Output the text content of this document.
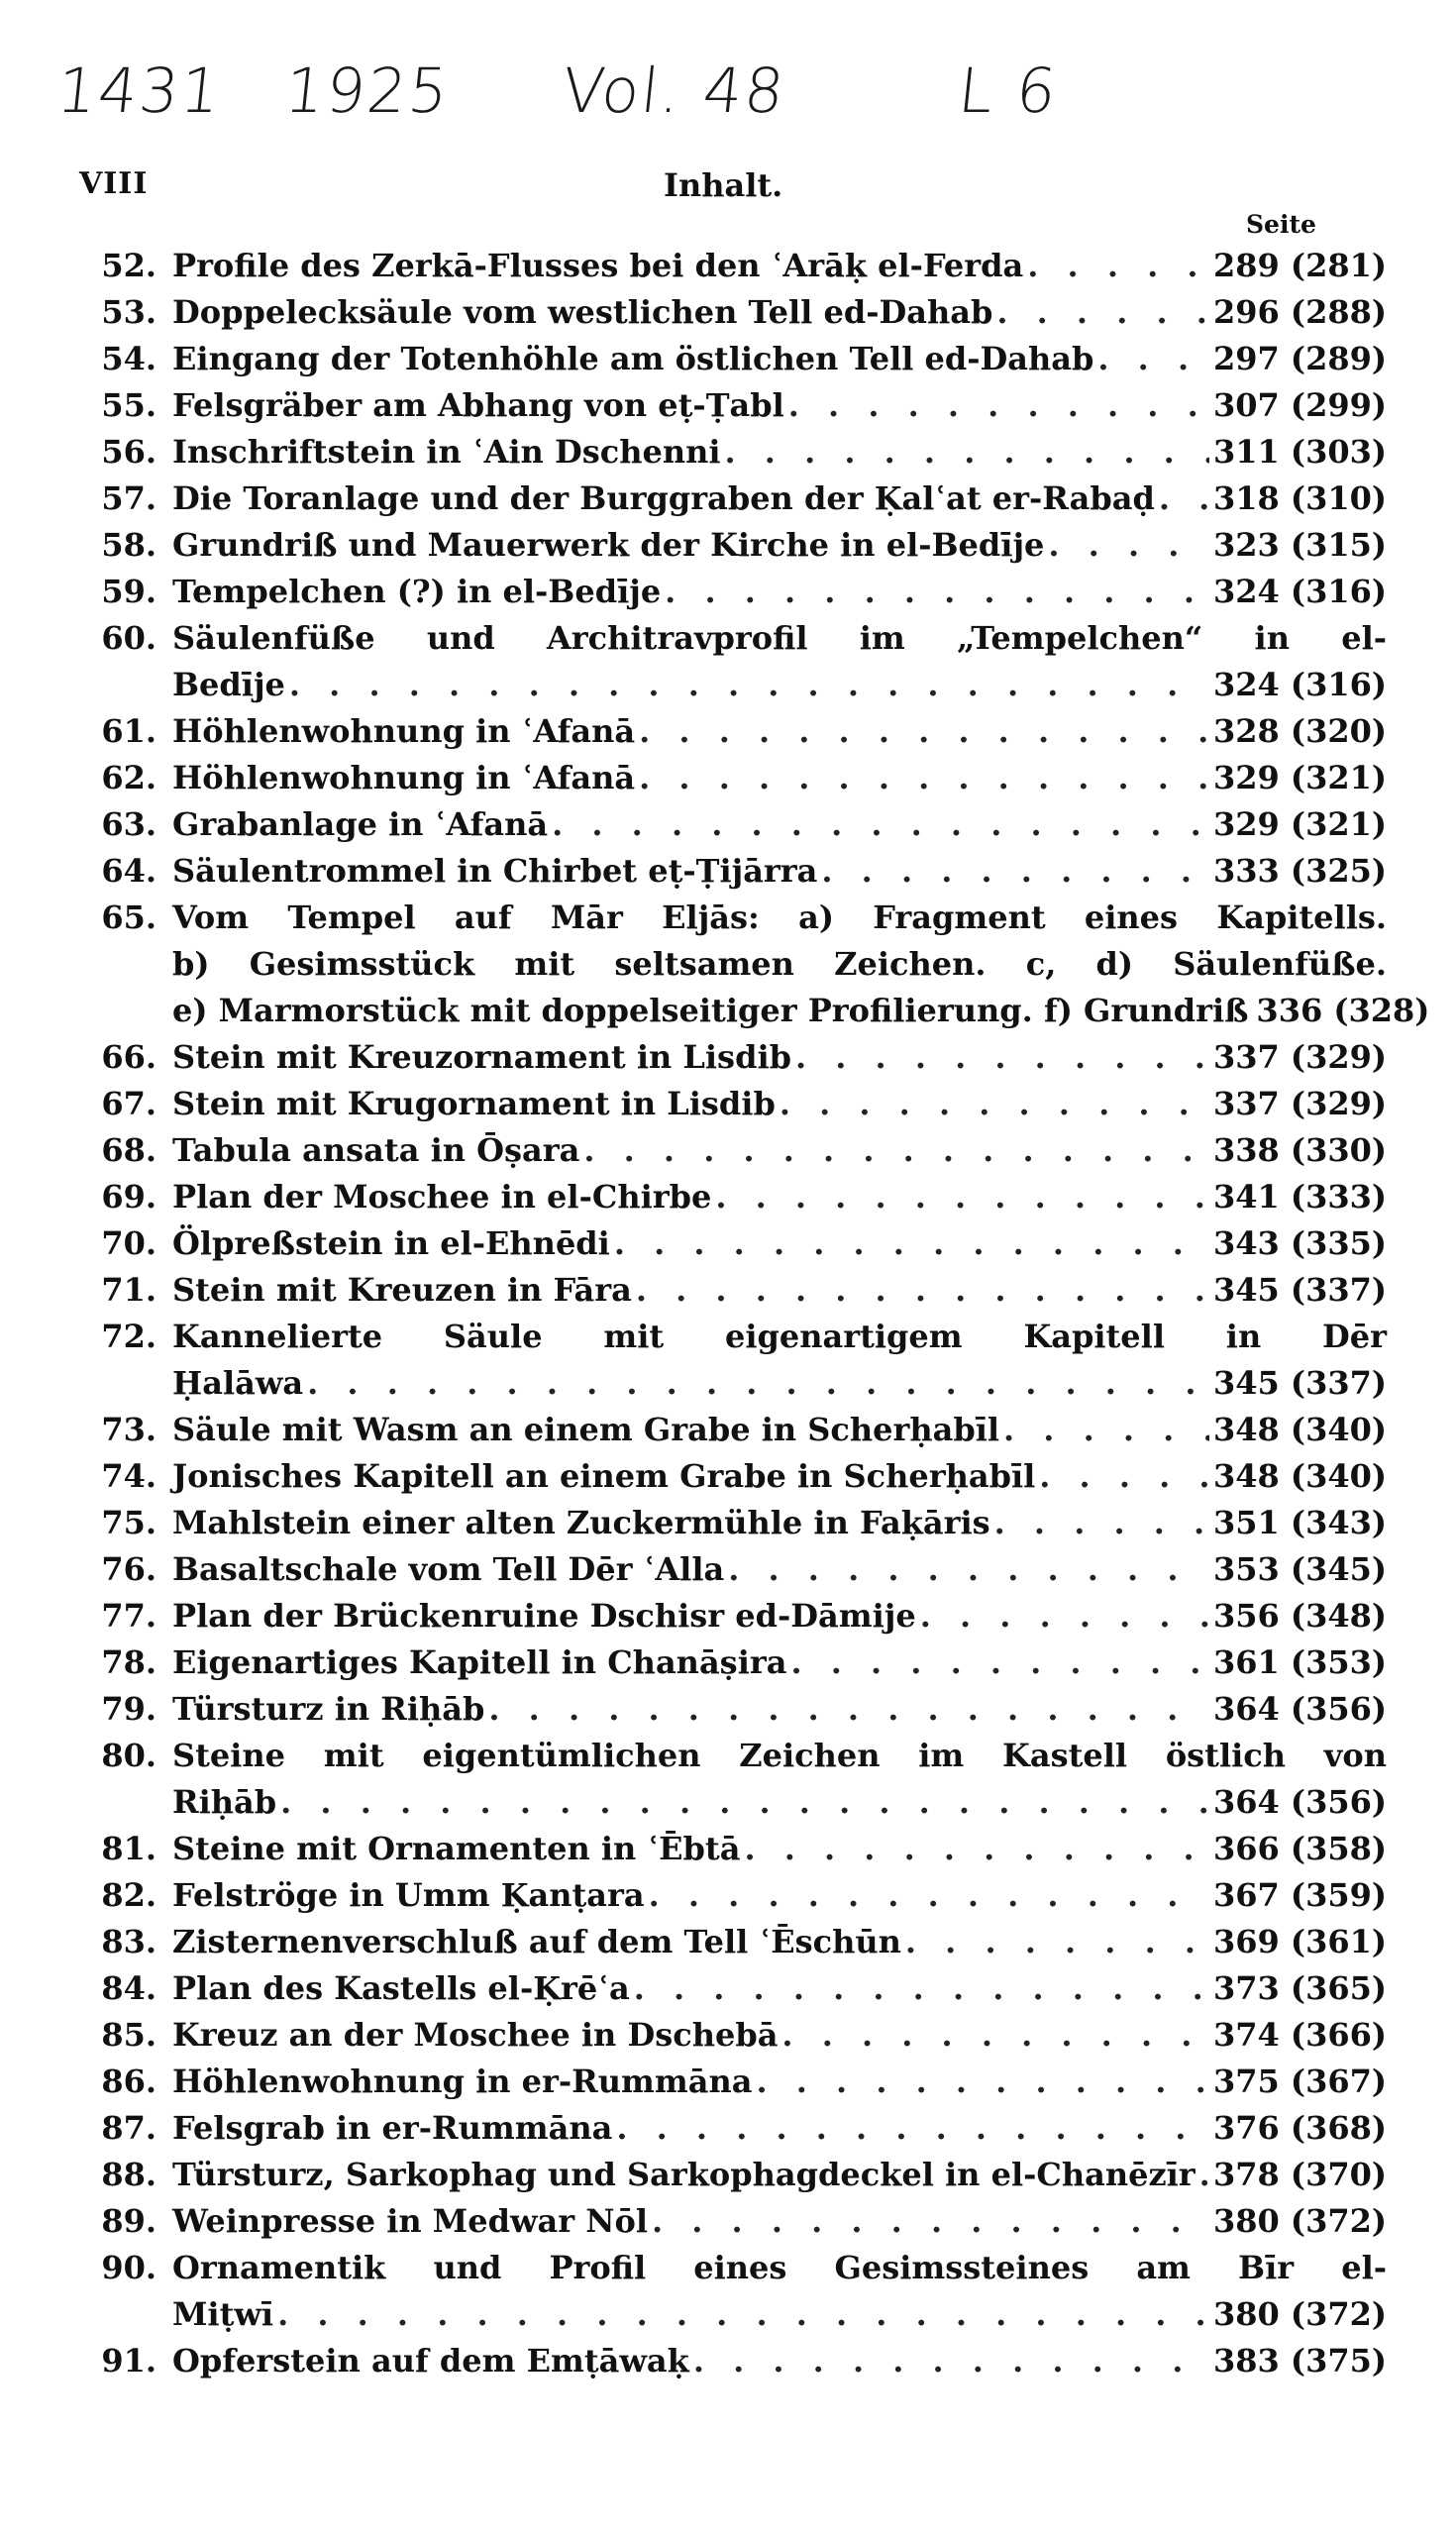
1431 1925 Vol. 48	L 6
VIII	Inhalt.
Seite
52. Profile des Zerkā-Flusses bei den ʿArāḳ el-Ferda . . .	289 (281)
53. Doppelecksäule vom westlichen Tell ed-Dahab . . .	296 (288)
54. Eingang der Totenhöhle am östlichen Tell ed-Dahab . . .	297 (289)
55. Felsgräber am Abhang von eṭ-Ṭabl . . .	307 (299)
56. Inschriftstein in ʿAin Dschenni . . .	311 (303)
57. Die Toranlage und der Burggraben der Ḳalʿat er-Rabaḍ . . . 318 (310)
58. Grundriß und Mauerwerk der Kirche in el-Bedīje . . .	323 (315)
59. Tempelchen (?) in el-Bedīje . . .	324 (316)
60. Säulenfüße und Architravprofil im „Tempelchen“ in el-
Bedīje . . .	324 (316)
61. Höhlenwohnung in ʿAfanā . . .	328 (320)
62. Höhlenwohnung in ʿAfanā . . .	329 (321)
63. Grabanlage in ʿAfanā . . .	329 (321)
64. Säulentrommel in Chirbet eṭ-Ṭijārra . . .	333 (325)
65. Vom Tempel auf Mār Eljās: a) Fragment eines Kapitells.
b) Gesimsstück mit seltsamen Zeichen. c, d) Säulenfüße.
e) Marmorstück mit doppelseitiger Profilierung. f) Grundriß 336 (328)
66. Stein mit Kreuzornament in Lisdib . . .	337 (329)
67. Stein mit Krugornament in Lisdib . . .	337 (329)
68. Tabula ansata in Ōṣara . . .	338 (330)
69. Plan der Moschee in el-Chirbe . . .	341 (333)
70. Ölpreßstein in el-Ehnēdi . . .	343 (335)
71. Stein mit Kreuzen in Fāra . . .	345 (337)
72. Kannelierte Säule mit eigenartigem Kapitell in Dēr
Ḥalāwa . . .	345 (337)
73. Säule mit Wasm an einem Grabe in Scherḥabīl . . .	348 (340)
74. Jonisches Kapitell an einem Grabe in Scherḥabīl . . .	348 (340)
75. Mahlstein einer alten Zuckermühle in Faḳāris . . .	351 (343)
76. Basaltschale vom Tell Dēr ʿAlla . . .	353 (345)
77. Plan der Brückenruine Dschisr ed-Dāmije . . .	356 (348)
78. Eigenartiges Kapitell in Chanāṣira . . .	361 (353)
79. Türsturz in Riḥāb . . .	364 (356)
80. Steine mit eigentümlichen Zeichen im Kastell östlich von
Riḥāb . . .	364 (356)
81. Steine mit Ornamenten in ʿĒbtā . . .	366 (358)
82. Felströge in Umm Ḳanṭara . . .	367 (359)
83. Zisternenverschluß auf dem Tell ʿĒschūn . . .	369 (361)
84. Plan des Kastells el-Ḳrēʿa . . .	373 (365)
85. Kreuz an der Moschee in Dschebā . . .	374 (366)
86. Höhlenwohnung in er-Rummāna . . .	375 (367)
87. Felsgrab in er-Rummāna . . .	376 (368)
88. Türsturz, Sarkophag und Sarkophagdeckel in el-Chanēzīr . . . 378 (370)
89. Weinpresse in Medwar Nōl . . .	380 (372)
90. Ornamentik und Profil eines Gesimssteines am Bīr el-
Miṭwī . . .	380 (372)
91. Opferstein auf dem Emṭāwaḳ . . .	383 (375)
